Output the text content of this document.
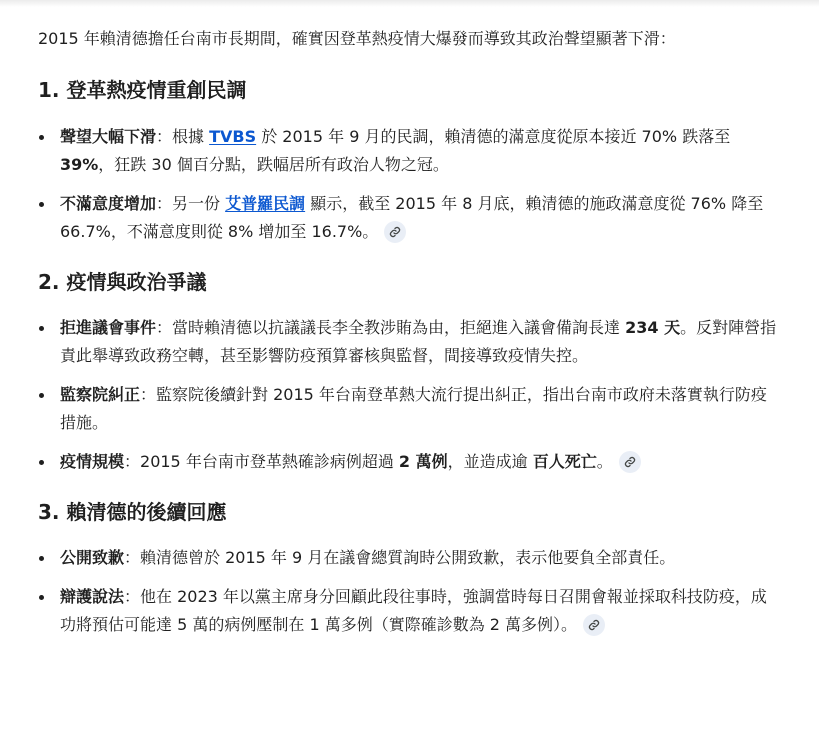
2015 年賴清德擔任台南市長期間，確實因登革熱疫情大爆發而導致其政治聲望顯著下滑：

1. 登革熱疫情重創民調
聲望大幅下滑：根據 TVBS 於 2015 年 9 月的民調，賴清德的滿意度從原本接近 70% 跌落至 39%，狂跌 30 個百分點，跌幅居所有政治人物之冠。
不滿意度增加：另一份 艾普羅民調 顯示，截至 2015 年 8 月底，賴清德的施政滿意度從 76% 降至 66.7%，不滿意度則從 8% 增加至 16.7%。
2. 疫情與政治爭議
拒進議會事件：當時賴清德以抗議議長李全教涉賄為由，拒絕進入議會備詢長達 234 天。反對陣營指責此舉導致政務空轉，甚至影響防疫預算審核與監督，間接導致疫情失控。
監察院糾正：監察院後續針對 2015 年台南登革熱大流行提出糾正，指出台南市政府未落實執行防疫措施。
疫情規模：2015 年台南市登革熱確診病例超過 2 萬例，並造成逾 百人死亡。
3. 賴清德的後續回應
公開致歉：賴清德曾於 2015 年 9 月在議會總質詢時公開致歉，表示他要負全部責任。
辯護說法：他在 2023 年以黨主席身分回顧此段往事時，強調當時每日召開會報並採取科技防疫，成功將預估可能達 5 萬的病例壓制在 1 萬多例（實際確診數為 2 萬多例）。
